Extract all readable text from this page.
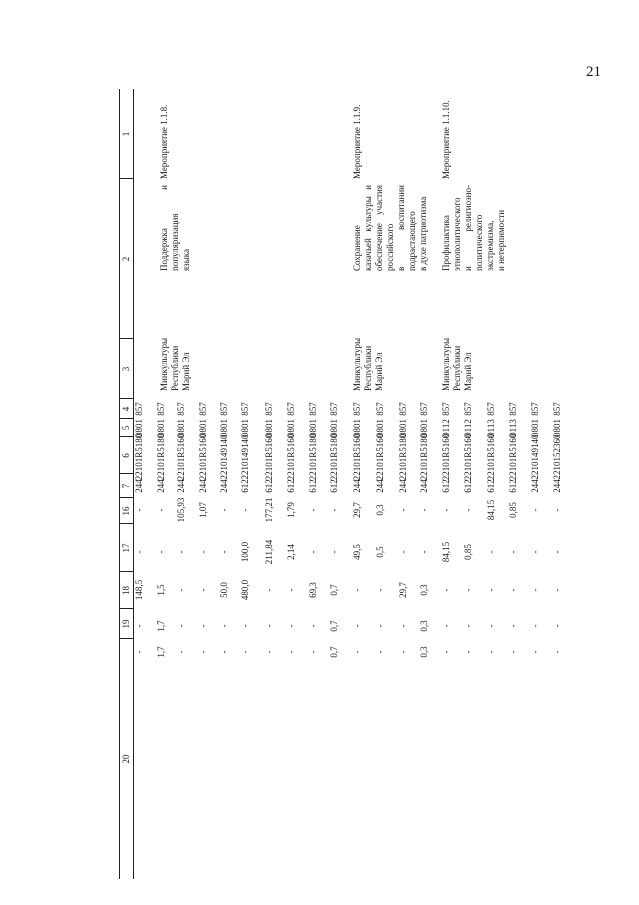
21
1
2
3
4
5
6
7
16
17
18
19
20
Мероприятие 1.1.8.
Поддержка и популяризация языка
Минкультуры Республики Марий Эл
Мероприятие 1.1.9.
Сохранение казачьей культуры и обеспечение участия российского в воспитании подрастающего в духе патриотизма
Минкультуры Республики Марий Эл
Мероприятие 1.1.10.
Профилактика этнополитического и религиозно- политического экстремизма, и нетерпимости
Минкультуры Республики Марий Эл
857
0801
22101R5180
244
-
-
148,5
-
-
857
0801
22101R5180
244
-
-
1,5
1,7
1,7
857
0801
22101R5160
244
105,93
-
-
-
-
857
0801
22101R5160
244
1,07
-
-
-
-
857
0801
2210149140
244
-
-
50,0
-
-
857
0801
2210149140
612
-
100,0
480,0
-
-
857
0801
22101R5160
612
177,21
211,84
-
-
-
857
0801
22101R5160
612
1,79
2,14
-
-
-
857
0801
22101R5180
612
-
-
69,3
-
-
857
0801
22101R5180
612
-
-
0,7
0,7
0,7
857
0801
22101R5160
244
29,7
49,5
-
-
-
857
0801
22101R5160
244
0,3
0,5
-
-
-
857
0801
22101R5180
244
-
-
29,7
-
-
857
0801
22101R5180
244
-
-
0,3
0,3
0,3
857
0112
22101R5160
612
-
84,15
-
-
-
857
0112
22101R5160
612
-
0,85
-
-
-
857
0113
22101R5160
612
84,15
-
-
-
-
857
0113
22101R5160
612
0,85
-
-
-
-
857
0801
2210149140
244
-
-
-
-
-
857
0801
2210152360
244
-
-
-
-
-
